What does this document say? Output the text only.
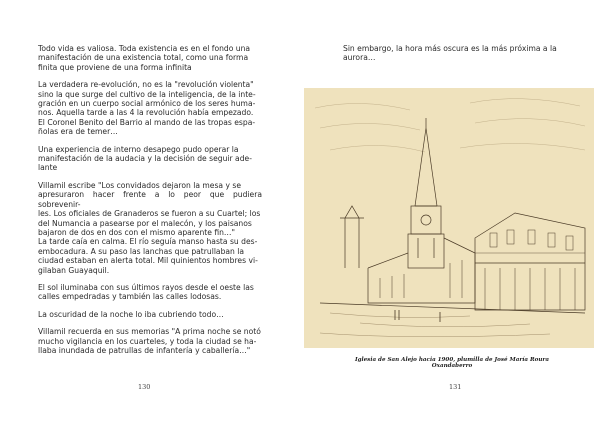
Todo vida es valiosa. Toda existencia es en el fondo una
manifestación de una existencia total, como una forma
finita que proviene de una forma infinita

La verdadera re-evolución, no es la "revolución violenta"
sino la que surge del cultivo de la inteligencia, de la inte-
gración en un cuerpo social armónico de los seres huma-
nos. Aquella tarde a las 4 la revolución había empezado.
El Coronel Benito del Barrio al mando de las tropas espa-
ñolas era de temer…

Una experiencia de interno desapego pudo operar la
manifestación de la audacia y la decisión de seguir ade-
lante

Villamil escribe "Los convidados dejaron la mesa y se
apresuraron hacer frente a lo peor que pudiera sobrevenir-
les. Los oficiales de Granaderos se fueron a su Cuartel; los
del Numancia a pasearse por el malecón, y los paisanos
bajaron de dos en dos con el mismo aparente fin…"
La tarde caía en calma. El río seguía manso hasta su des-
embocadura. A su paso las lanchas que patrullaban la
ciudad estaban en alerta total. Mil quinientos hombres vi-
gilaban Guayaquil.

El sol iluminaba con sus últimos rayos desde el oeste las
calles empedradas y también las calles lodosas.

La oscuridad de la noche lo iba cubriendo todo…

Villamil recuerda en sus memorias "A prima noche se notó
mucho vigilancia en los cuarteles, y toda la ciudad se ha-
llaba inundada de patrullas de infantería y caballería…"

130

Sin embargo, la hora más oscura es la más próxima a la
aurora…

Iglesia de San Alejo hacia 1900, plumilla de José María Roura Oxandaberro
131
